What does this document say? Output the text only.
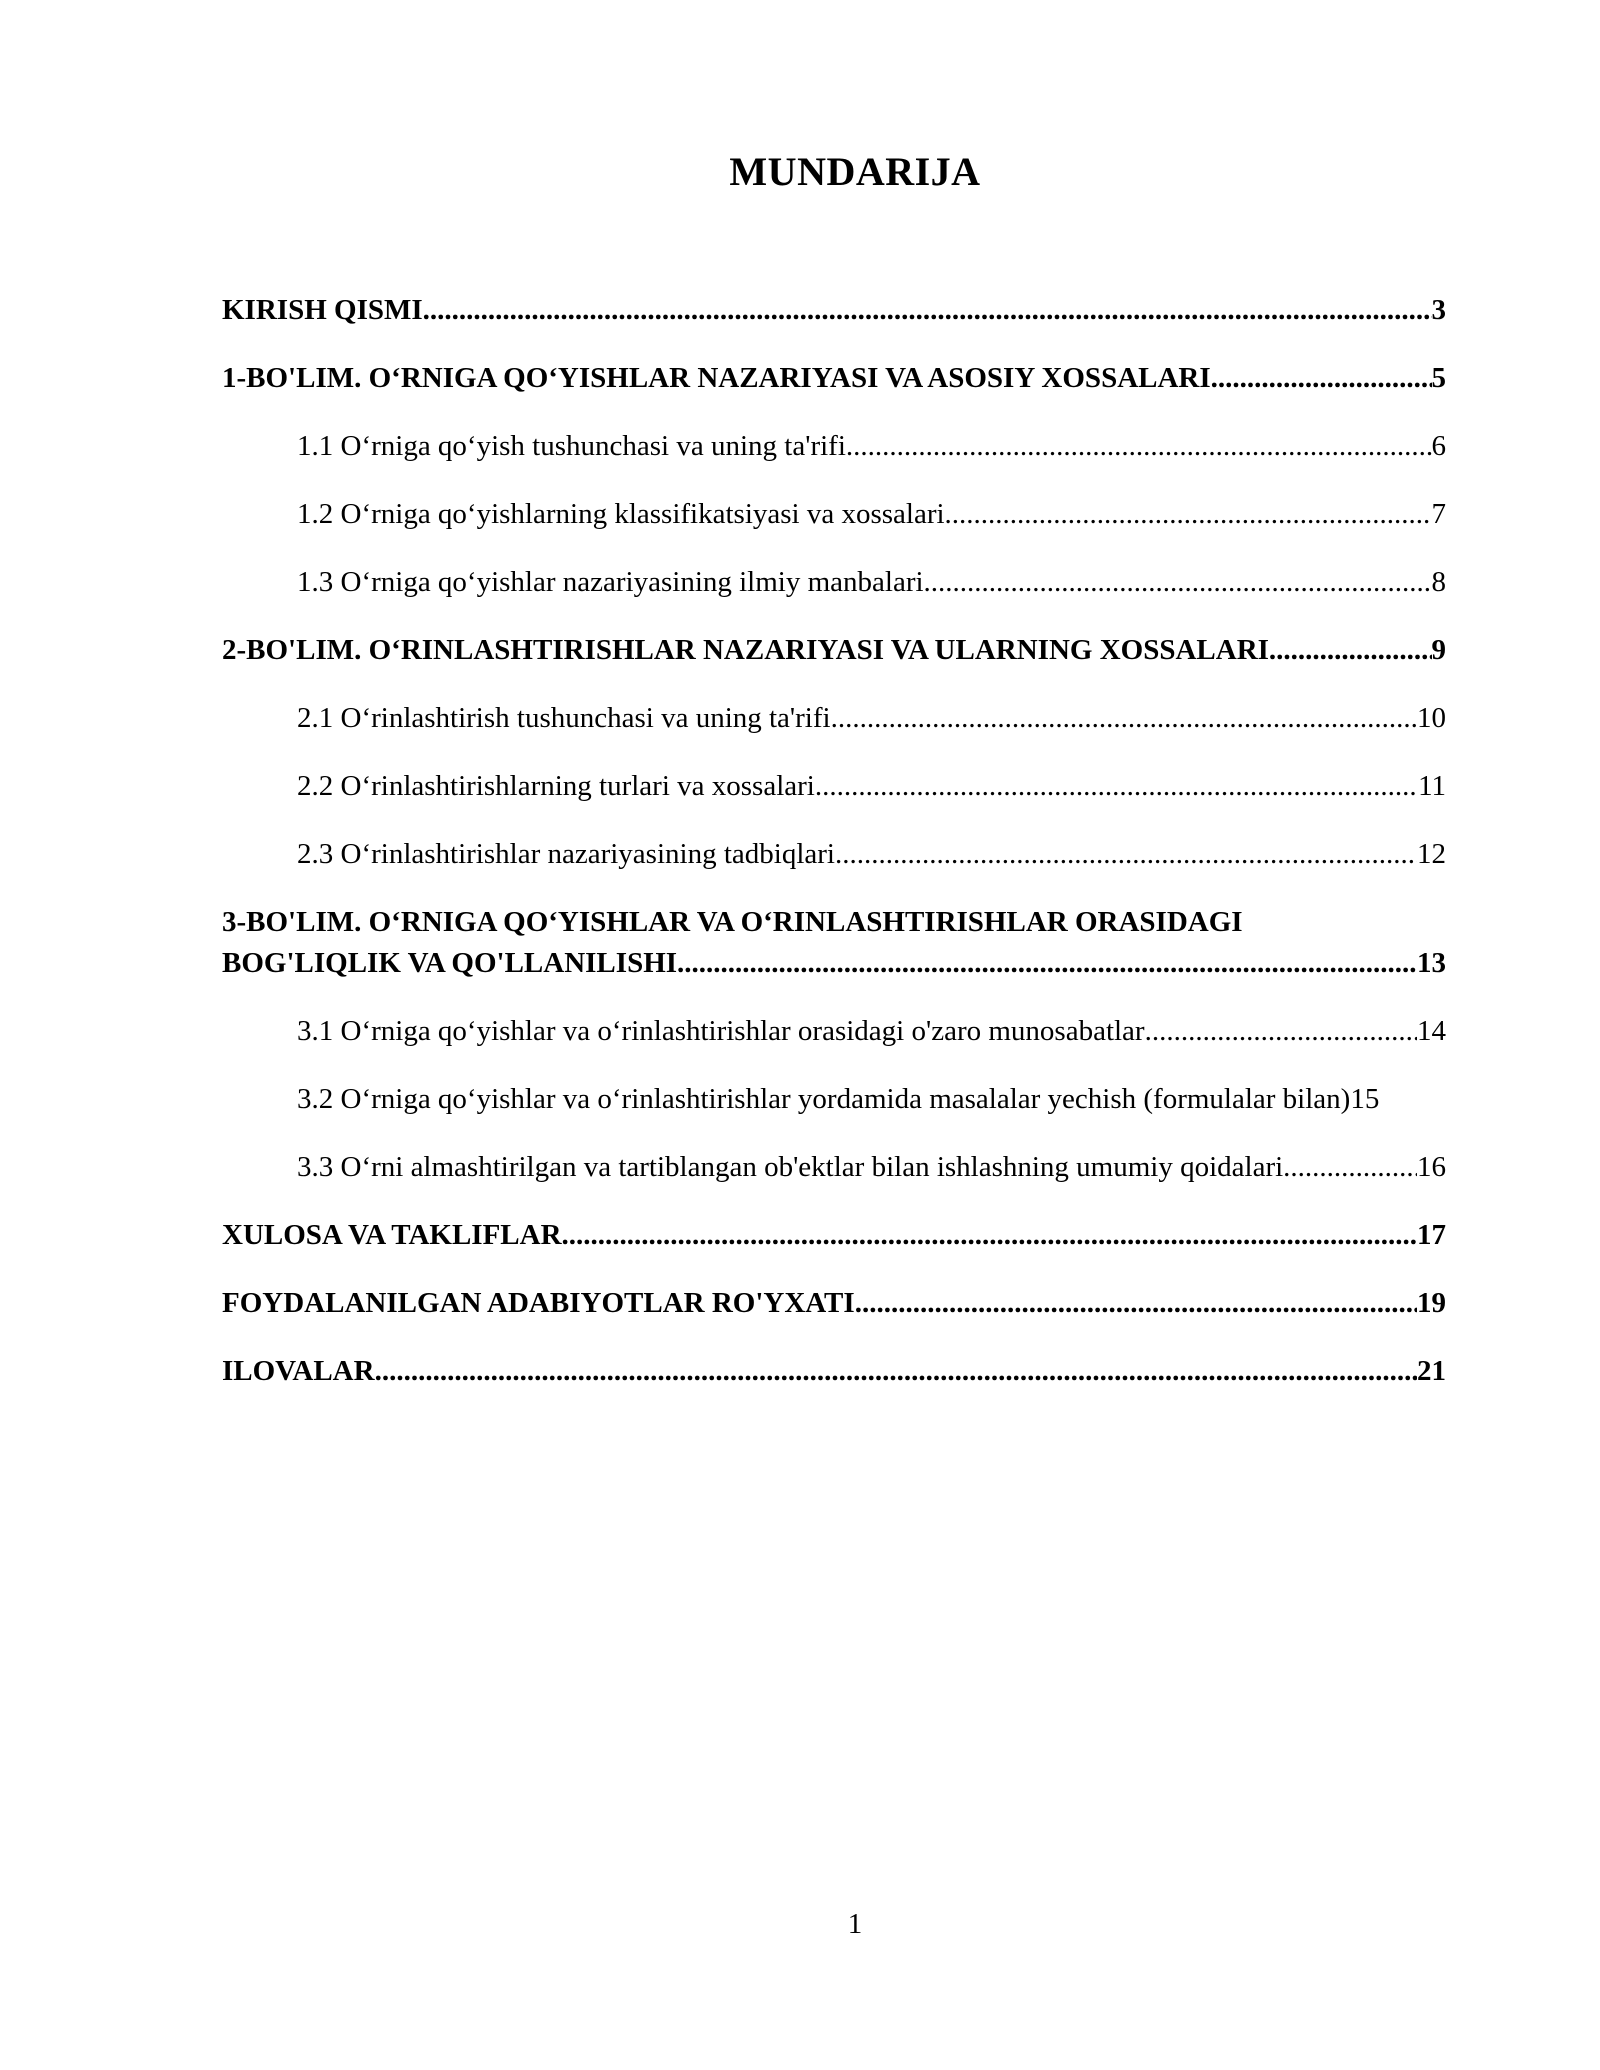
MUNDARIJA
KIRISH QISMI .....	3
1-BO'LIM. O‘RNIGA QO‘YISHLAR NAZARIYASI VA ASOSIY XOSSALARI .....	5
1.1 O‘rniga qo‘yish tushunchasi va uning ta'rifi .....	6
1.2 O‘rniga qo‘yishlarning klassifikatsiyasi va xossalari .....	7
1.3 O‘rniga qo‘yishlar nazariyasining ilmiy manbalari .....	8
2-BO'LIM. O‘RINLASHTIRISHLAR NAZARIYASI VA ULARNING XOSSALARI .....	9
2.1 O‘rinlashtirish tushunchasi va uning ta'rifi .....	10
2.2 O‘rinlashtirishlarning turlari va xossalari .....	11
2.3 O‘rinlashtirishlar nazariyasining tadbiqlari .....	12
3-BO'LIM. O‘RNIGA QO‘YISHLAR VA O‘RINLASHTIRISHLAR ORASIDAGI
BOG'LIQLIK VA QO'LLANILISHI .....	13
3.1 O‘rniga qo‘yishlar va o‘rinlashtirishlar orasidagi o'zaro munosabatlar .....	14
3.2 O‘rniga qo‘yishlar va o‘rinlashtirishlar yordamida masalalar yechish (formulalar bilan) 15
3.3 O‘rni almashtirilgan va tartiblangan ob'ektlar bilan ishlashning umumiy qoidalari .....	16
XULOSA VA TAKLIFLAR .....	17
FOYDALANILGAN ADABIYOTLAR RO'YXATI .....	19
ILOVALAR .....	21
1
